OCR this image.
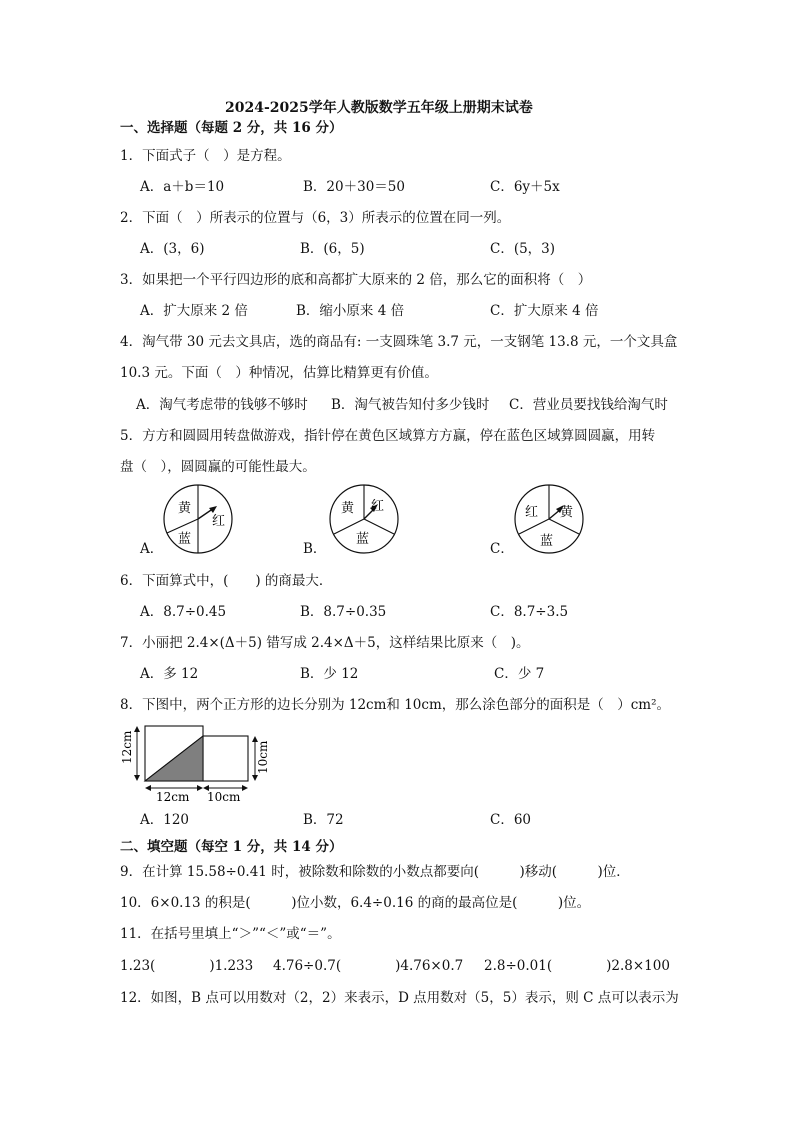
2024-2025学年人教版数学五年级上册期末试卷
一、选择题（每题 2 分，共 16 分）
1．下面式子（　）是方程。
A．a＋b＝10	B．20＋30＝50	C．6y＋5x
2．下面（　）所表示的位置与（6，3）所表示的位置在同一列。
A．(3，6)	B．(6，5)	C．(5，3)
3．如果把一个平行四边形的底和高都扩大原来的 2 倍，那么它的面积将（　）
A．扩大原来 2 倍	B．缩小原来 4 倍	C．扩大原来 4 倍
4．淘气带 30 元去文具店，选的商品有: 一支圆珠笔 3.7 元，一支钢笔 13.8 元，一个文具盒
10.3 元。下面（　）种情况，估算比精算更有价值。
A．淘气考虑带的钱够不够时 B．淘气被告知付多少钱时 C．营业员要找钱给淘气时
5．方方和圆圆用转盘做游戏，指针停在黄色区域算方方赢，停在蓝色区域算圆圆赢，用转
盘（　），圆圆赢的可能性最大。
A．	B．	C．
黄
红
蓝
黄 红
蓝
红 黄
蓝
6．下面算式中，(　　) 的商最大．
A．8.7÷0.45	B．8.7÷0.35	C．8.7÷3.5
7．小丽把 2.4×(Δ＋5) 错写成 2.4×Δ＋5，这样结果比原来（　)。
A．多 12	B．少 12	C．少 7
8．下图中，两个正方形的边长分别为 12cm和 10cm，那么涂色部分的面积是（　）cm²。
12cm	10cm
12cm 10cm
A．120	B．72	C．60
二、填空题（每空 1 分，共 14 分）
9．在计算 15.58÷0.41 时，被除数和除数的小数点都要向(　　　)移动(　　　)位．
10．6×0.13 的积是(　　　)位小数，6.4÷0.16 的商的最高位是(　　　)位。
11．在括号里填上“＞”“＜”或“＝”。
1.23(　　　　)1.233 4.76÷0.7(　　　　)4.76×0.7 2.8÷0.01(　　　　)2.8×100
12．如图，B 点可以用数对（2，2）来表示，D 点用数对（5，5）表示，则 C 点可以表示为
